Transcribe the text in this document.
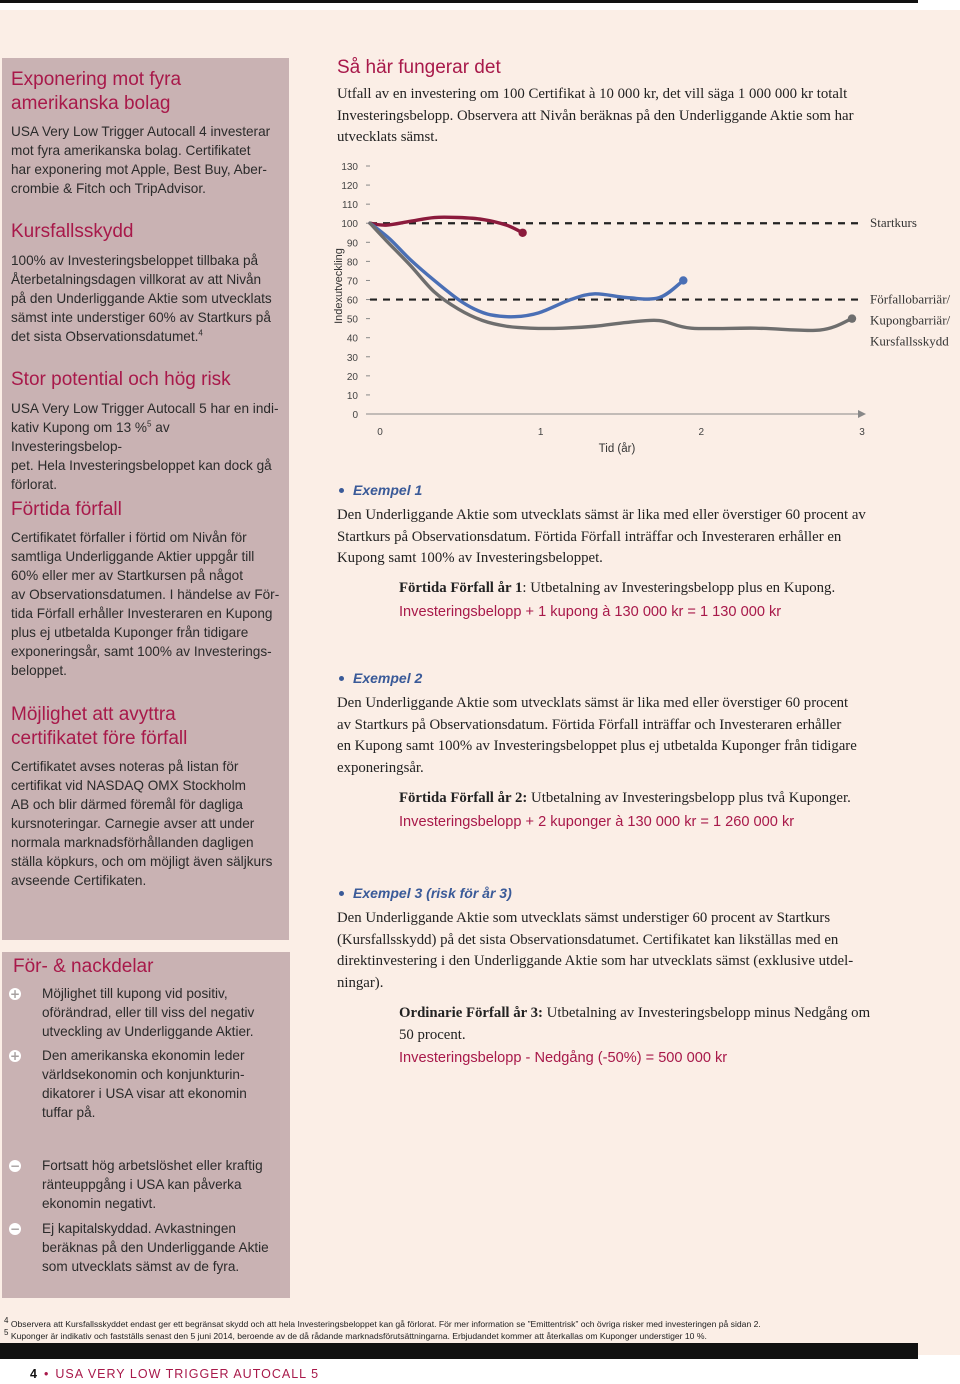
Exponering mot fyra amerikanska bolag
USA Very Low Trigger Autocall 4 investerar
mot fyra amerikanska bolag. Certifikatet
har exponering mot Apple, Best Buy, Aber-
crombie & Fitch och TripAdvisor.
Kursfallsskydd
100% av Investeringsbeloppet tillbaka på
Återbetalningsdagen villkorat av att Nivån
på den Underliggande Aktie som utvecklats
sämst inte understiger 60% av Startkurs på
det sista Observationsdatumet.$^4$
Stor potential och hög risk
USA Very Low Trigger Autocall 5 har en indi-
kativ Kupong om 13 %$^5$ av Investeringsbelop-
pet. Hela Investeringsbeloppet kan dock gå
förlorat.
Förtida förfall
Certifikatet förfaller i förtid om Nivån för
samtliga Underliggande Aktier uppgår till
60% eller mer av Startkursen på något
av Observationsdatumen. I händelse av För-
tida Förfall erhåller Investeraren en Kupong
plus ej utbetalda Kuponger från tidigare
exponeringsår, samt 100% av Investerings-
beloppet.
Möjlighet att avyttra
certifikatet före förfall
Certifikatet avses noteras på listan för
certifikat vid NASDAQ OMX Stockholm
AB och blir därmed föremål för dagliga
kursnoteringar. Carnegie avser att under
normala marknadsförhållanden dagligen
ställa köpkurs, och om möjligt även säljkurs
avseende Certifikaten.
För- & nackdelar
+ Möjlighet till kupong vid positiv,
oförändrad, eller till viss del negativ
utveckling av Underliggande Aktier.
+ Den amerikanska ekonomin leder
världsekonomin och konjunkturin-
dikatorer i USA visar att ekonomin
tuffar på.
− Fortsatt hög arbetslöshet eller kraftig
ränteuppgång i USA kan påverka
ekonomin negativt.
− Ej kapitalskyddad. Avkastningen
beräknas på den Underliggande Aktie
som utvecklats sämst av de fyra.
Så här fungerar det
Utfall av en investering om 100 Certifikat à 10 000 kr, det vill säga 1 000 000 kr totalt
Investeringsbelopp. Observera att Nivån beräknas på den Underliggande Aktie som har
utvecklats sämst.
0
10
20
30
40
50
60
70
80
90
100
110
120
130
0	1	2	3
Indexutveckling
Tid (år)
Startkurs
Förfallobarriär/
Kupongbarriär/
Kursfallsskydd
Exempel 1
Den Underliggande Aktie som utvecklats sämst är lika med eller överstiger 60 procent av
Startkurs på Observationsdatum. Förtida Förfall inträffar och Investeraren erhåller en
Kupong samt 100% av Investeringsbeloppet.
Förtida Förfall år 1: Utbetalning av Investeringsbelopp plus en Kupong.
Investeringsbelopp + 1 kupong à 130 000 kr = 1 130 000 kr
Exempel 2
Den Underliggande Aktie som utvecklats sämst är lika med eller överstiger 60 procent
av Startkurs på Observationsdatum. Förtida Förfall inträffar och Investeraren erhåller
en Kupong samt 100% av Investeringsbeloppet plus ej utbetalda Kuponger från tidigare
exponeringsår.
Förtida Förfall år 2: Utbetalning av Investeringsbelopp plus två Kuponger.
Investeringsbelopp + 2 kuponger à 130 000 kr = 1 260 000 kr
Exempel 3 (risk för år 3)
Den Underliggande Aktie som utvecklats sämst understiger 60 procent av Startkurs
(Kursfallsskydd) på det sista Observationsdatumet. Certifikatet kan likställas med en
direktinvestering i den Underliggande Aktie som har utvecklats sämst (exklusive utdel-
ningar).
Ordinarie Förfall år 3: Utbetalning av Investeringsbelopp minus Nedgång om
50 procent.
Investeringsbelopp - Nedgång (-50%) = 500 000 kr
4 Observera att Kursfallsskyddet endast ger ett begränsat skydd och att hela Investeringsbeloppet kan gå förlorat. För mer information se ”Emittentrisk” och övriga risker med investeringen på sidan 2.
5 Kuponger är indikativ och fastställs senast den 5 juni 2014, beroende av de då rådande marknadsförutsättningarna. Erbjudandet kommer att återkallas om Kuponger understiger 10 %.
4 • USA VERY LOW TRIGGER AUTOCALL 5
